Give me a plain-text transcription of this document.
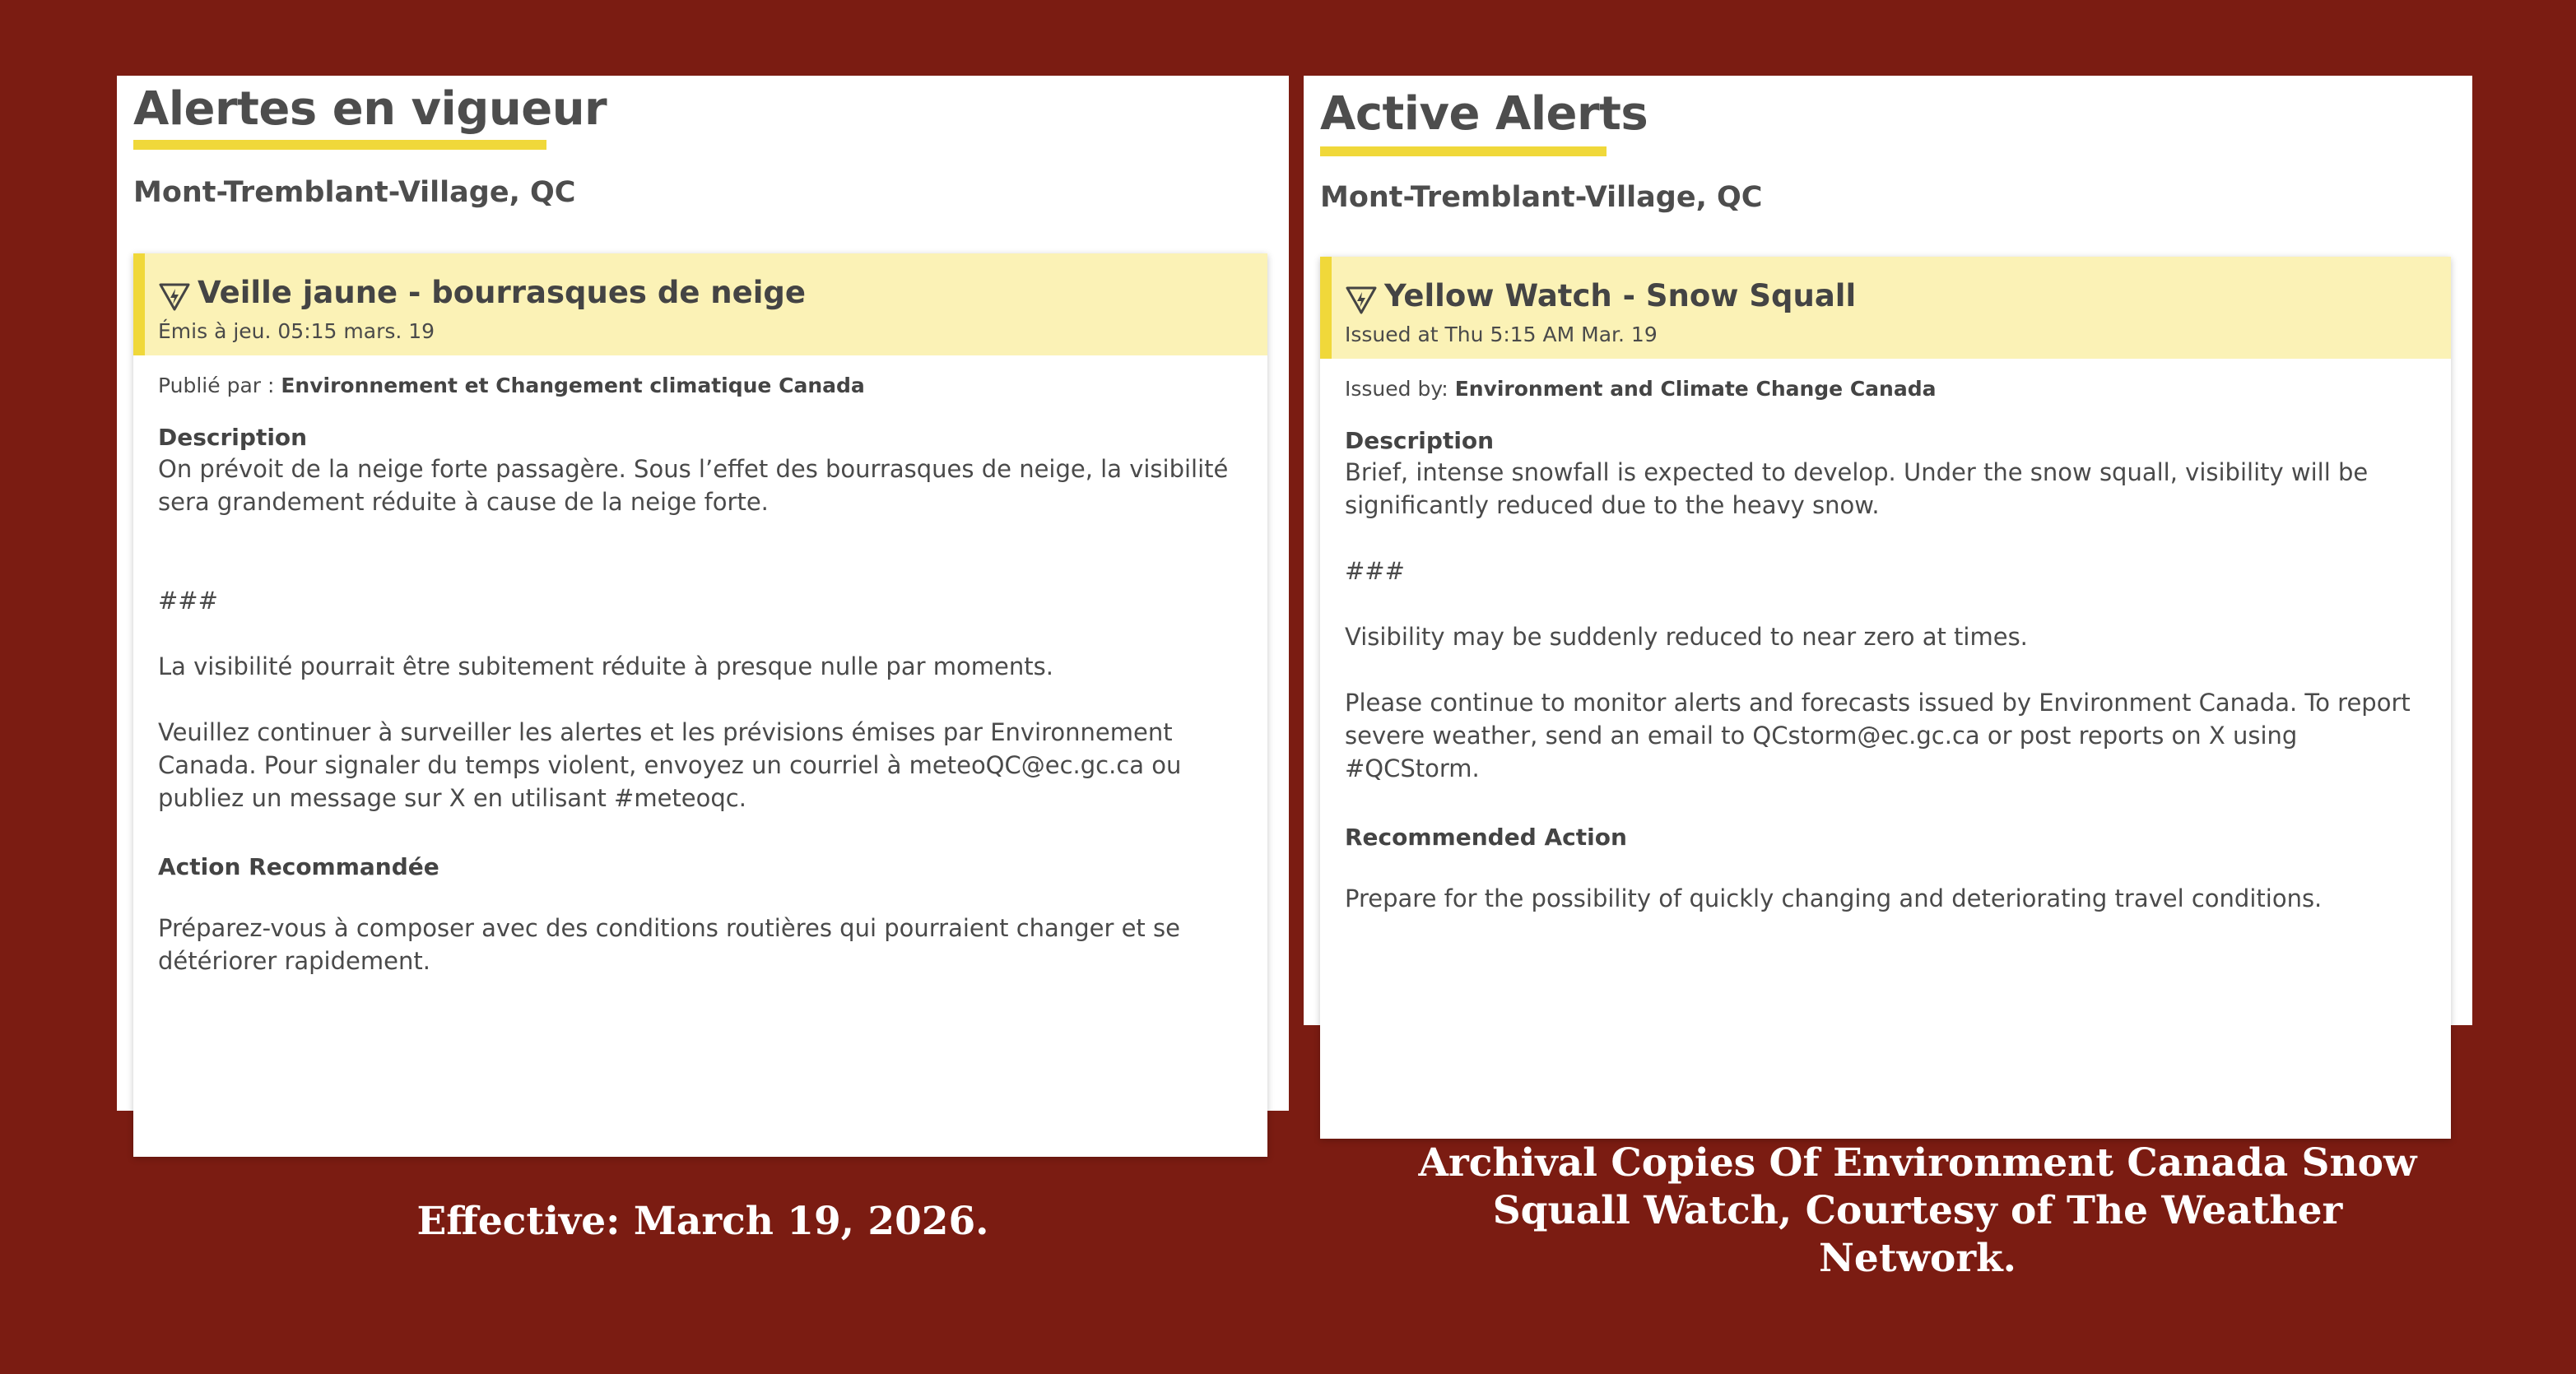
Alertes en vigueur
Mont-Tremblant-Village, QC
Veille jaune - bourrasques de neige
Émis à jeu. 05:15 mars. 19

Publié par : Environnement et Changement climatique Canada

Description

On prévoit de la neige forte passagère. Sous l’effet des bourrasques de neige, la visibilité sera grandement réduite à cause de la neige forte.

###

La visibilité pourrait être subitement réduite à presque nulle par moments.

Veuillez continuer à surveiller les alertes et les prévisions émises par Environnement Canada. Pour signaler du temps violent, envoyez un courriel à meteoQC@ec.gc.ca ou publiez un message sur X en utilisant #meteoqc.

Action Recommandée

Préparez-vous à composer avec des conditions routières qui pourraient changer et se détériorer rapidement.

Active Alerts
Mont-Tremblant-Village, QC
Yellow Watch - Snow Squall
Issued at Thu 5:15 AM Mar. 19

Issued by: Environment and Climate Change Canada

Description

Brief, intense snowfall is expected to develop. Under the snow squall, visibility will be significantly reduced due to the heavy snow.

###

Visibility may be suddenly reduced to near zero at times.

Please continue to monitor alerts and forecasts issued by Environment Canada. To report severe weather, send an email to QCstorm@ec.gc.ca or post reports on X using #QCStorm.

Recommended Action

Prepare for the possibility of quickly changing and deteriorating travel conditions.

Effective: March 19, 2026.

Archival Copies Of Environment Canada Snow Squall Watch, Courtesy of The Weather Network.
